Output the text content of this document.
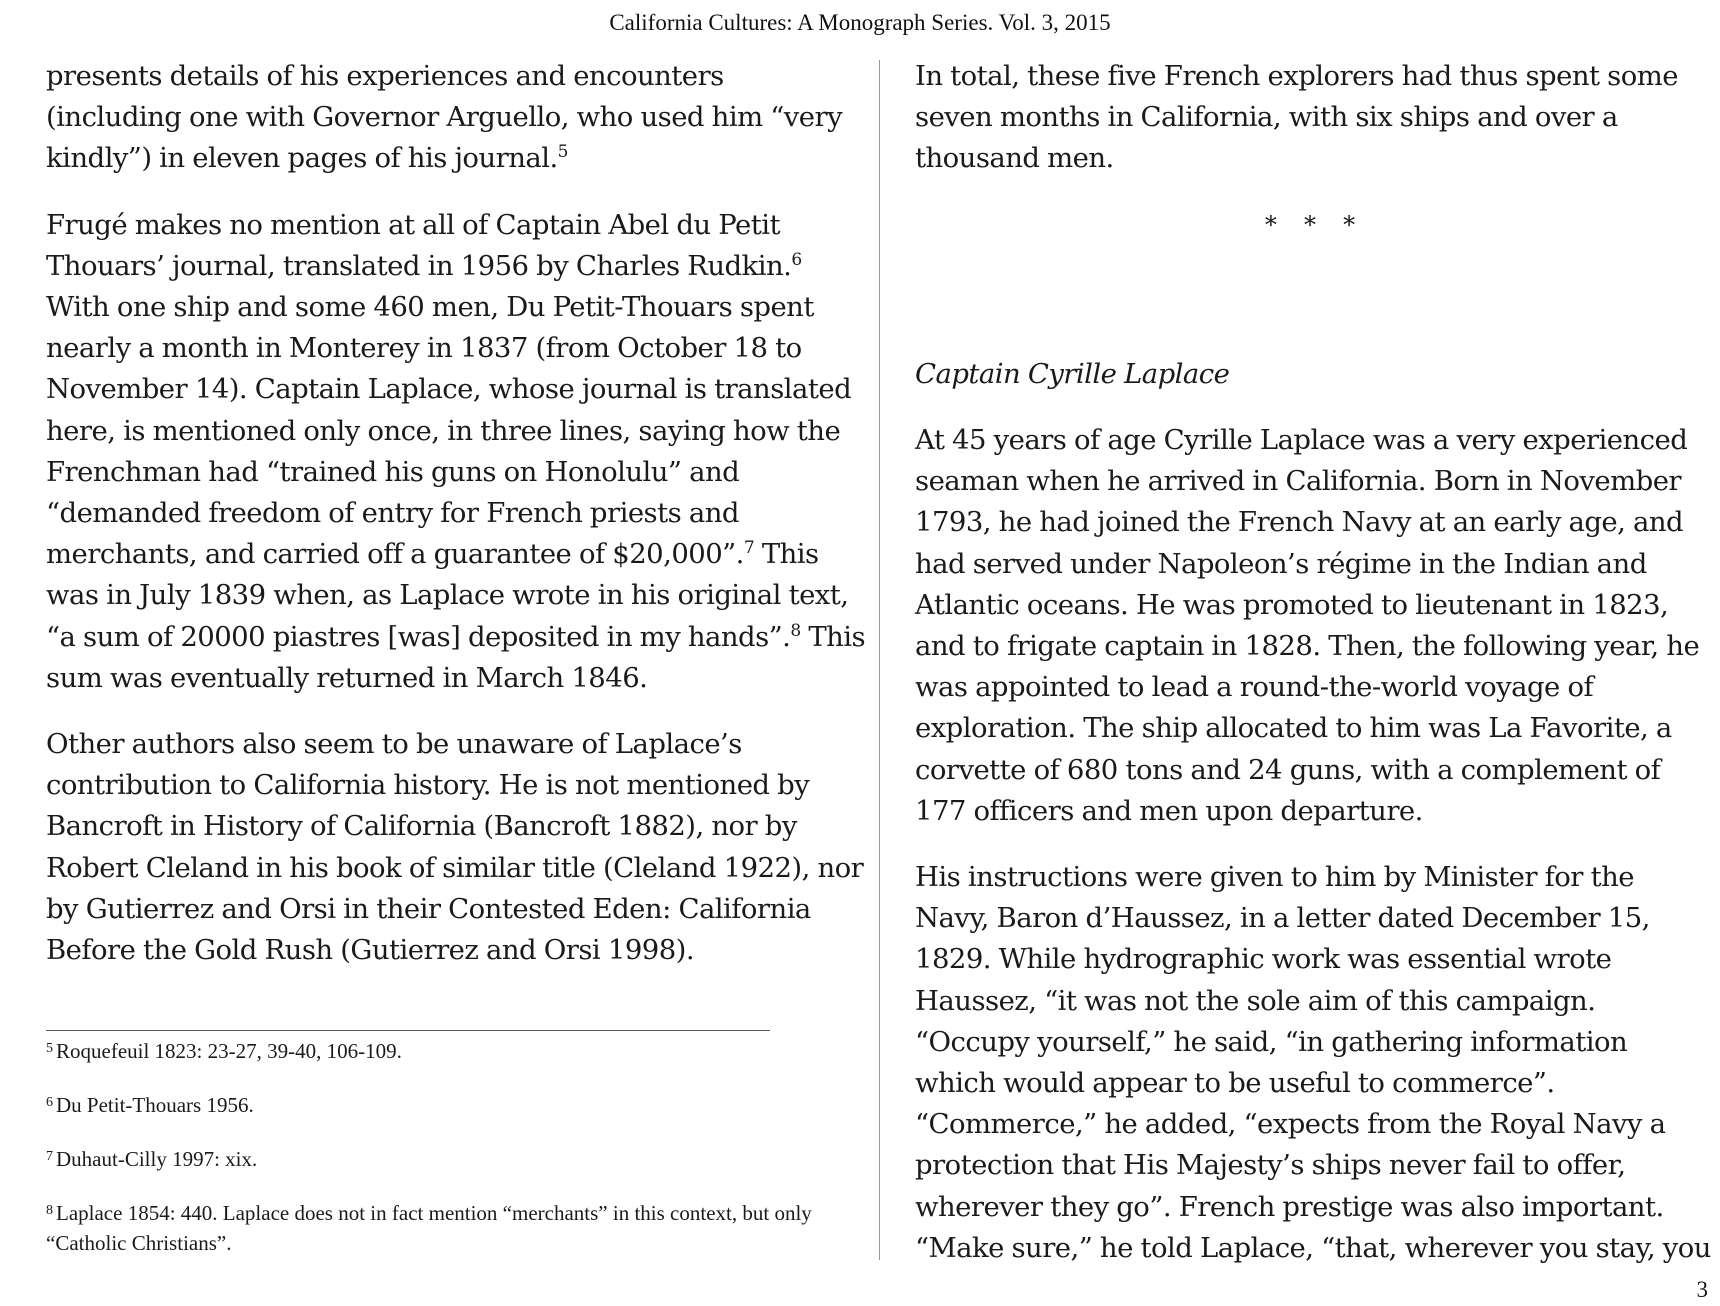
California Cultures: A Monograph Series. Vol. 3, 2015

presents details of his experiences and encounters (including one with Governor Arguello, who used him “very kindly”) in eleven pages of his journal.$^5$

Frugé makes no mention at all of Captain Abel du Petit Thouars’ journal, translated in 1956 by Charles Rudkin.$^6$ With one ship and some 460 men, Du Petit-Thouars spent nearly a month in Monterey in 1837 (from October 18 to November 14). Captain Laplace, whose journal is translated here, is mentioned only once, in three lines, saying how the Frenchman had “trained his guns on Honolulu” and “demanded freedom of entry for French priests and merchants, and carried off a guarantee of $20,000”.$^7$ This was in July 1839 when, as Laplace wrote in his original text, “a sum of 20000 piastres [was] deposited in my hands”.$^8$ This sum was eventually returned in March 1846.

Other authors also seem to be unaware of Laplace’s contribution to California history. He is not mentioned by Bancroft in History of California (Bancroft 1882), nor by Robert Cleland in his book of similar title (Cleland 1922), nor by Gutierrez and Orsi in their Contested Eden: California Before the Gold Rush (Gutierrez and Orsi 1998).

$^5$ Roquefeuil 1823: 23-27, 39-40, 106-109.
$^6$ Du Petit-Thouars 1956.
$^7$ Duhaut-Cilly 1997: xix.
$^8$ Laplace 1854: 440. Laplace does not in fact mention “merchants” in this context, but only “Catholic Christians”.

In total, these five French explorers had thus spent some seven months in California, with six ships and over a thousand men.

* * *

Captain Cyrille Laplace

At 45 years of age Cyrille Laplace was a very experienced seaman when he arrived in California. Born in November 1793, he had joined the French Navy at an early age, and had served under Napoleon’s régime in the Indian and Atlantic oceans. He was promoted to lieutenant in 1823, and to frigate captain in 1828. Then, the following year, he was appointed to lead a round-the-world voyage of exploration. The ship allocated to him was La Favorite, a corvette of 680 tons and 24 guns, with a complement of 177 officers and men upon departure.

His instructions were given to him by Minister for the Navy, Baron d’Haussez, in a letter dated December 15, 1829. While hydrographic work was essential wrote Haussez, “it was not the sole aim of this campaign. “Occupy yourself,” he said, “in gathering information which would appear to be useful to commerce”. “Commerce,” he added, “expects from the Royal Navy a protection that His Majesty’s ships never fail to offer, wherever they go”. French prestige was also important. “Make sure,” he told Laplace, “that, wherever you stay, you

3
